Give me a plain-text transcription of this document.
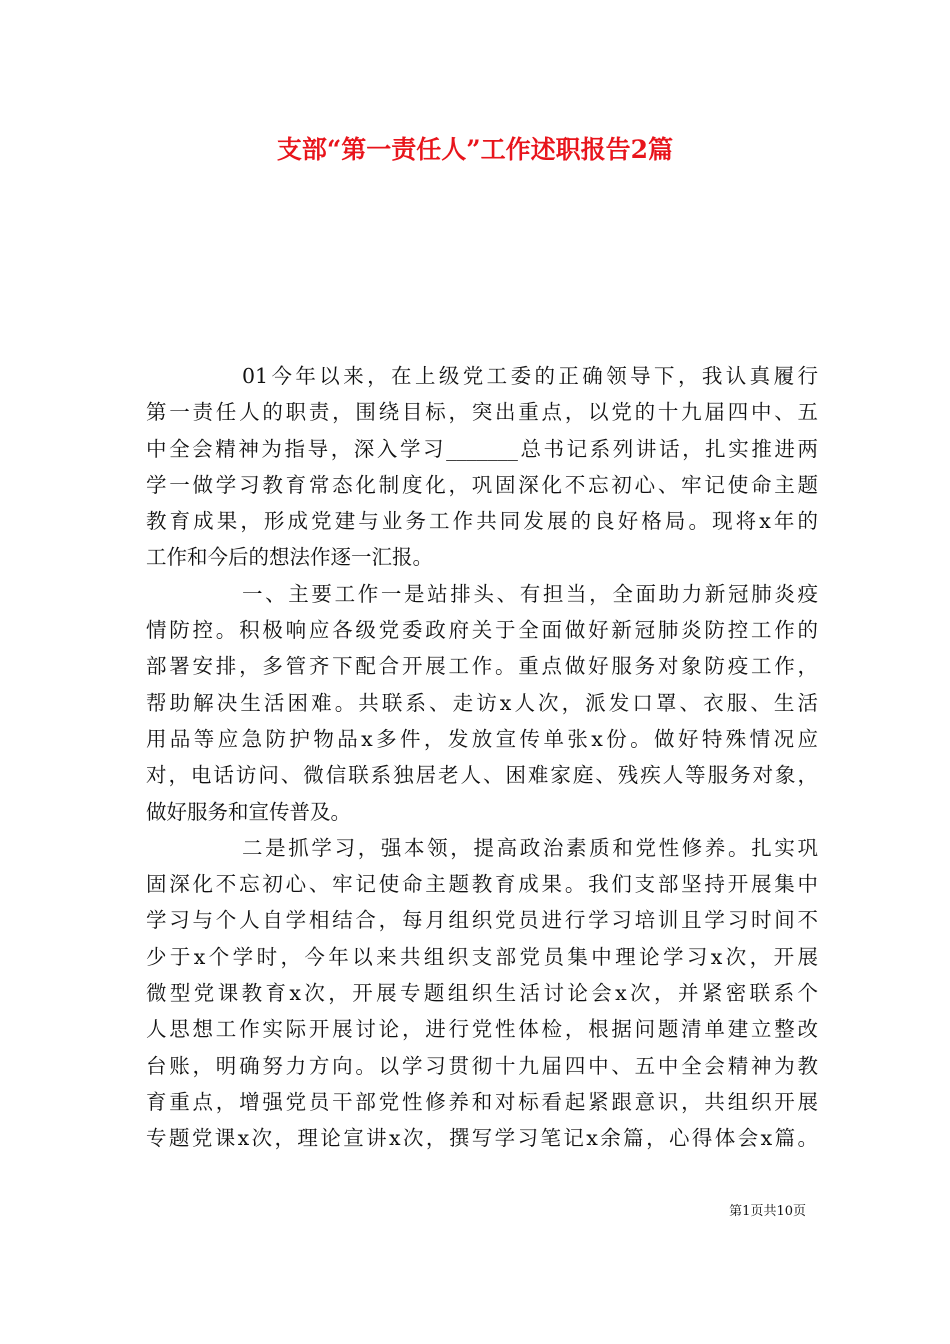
支部“第一责任人”工作述职报告2篇
01今年以来，在上级党工委的正确领导下，我认真履行
第一责任人的职责，围绕目标，突出重点，以党的十九届四中、五
中全会精神为指导，深入学习_______总书记系列讲话，扎实推进两
学一做学习教育常态化制度化，巩固深化不忘初心、牢记使命主题
教育成果，形成党建与业务工作共同发展的良好格局。现将x年的
工作和今后的想法作逐一汇报。
一、主要工作一是站排头、有担当，全面助力新冠肺炎疫
情防控。积极响应各级党委政府关于全面做好新冠肺炎防控工作的
部署安排，多管齐下配合开展工作。重点做好服务对象防疫工作，
帮助解决生活困难。共联系、走访x人次，派发口罩、衣服、生活
用品等应急防护物品x多件，发放宣传单张x份。做好特殊情况应
对，电话访问、微信联系独居老人、困难家庭、残疾人等服务对象，
做好服务和宣传普及。
二是抓学习，强本领，提高政治素质和党性修养。扎实巩
固深化不忘初心、牢记使命主题教育成果。我们支部坚持开展集中
学习与个人自学相结合，每月组织党员进行学习培训且学习时间不
少于x个学时，今年以来共组织支部党员集中理论学习x次，开展
微型党课教育x次，开展专题组织生活讨论会x次，并紧密联系个
人思想工作实际开展讨论，进行党性体检，根据问题清单建立整改
台账，明确努力方向。以学习贯彻十九届四中、五中全会精神为教
育重点，增强党员干部党性修养和对标看起紧跟意识，共组织开展
专题党课x次，理论宣讲x次，撰写学习笔记x余篇，心得体会x篇。
第1页共10页
